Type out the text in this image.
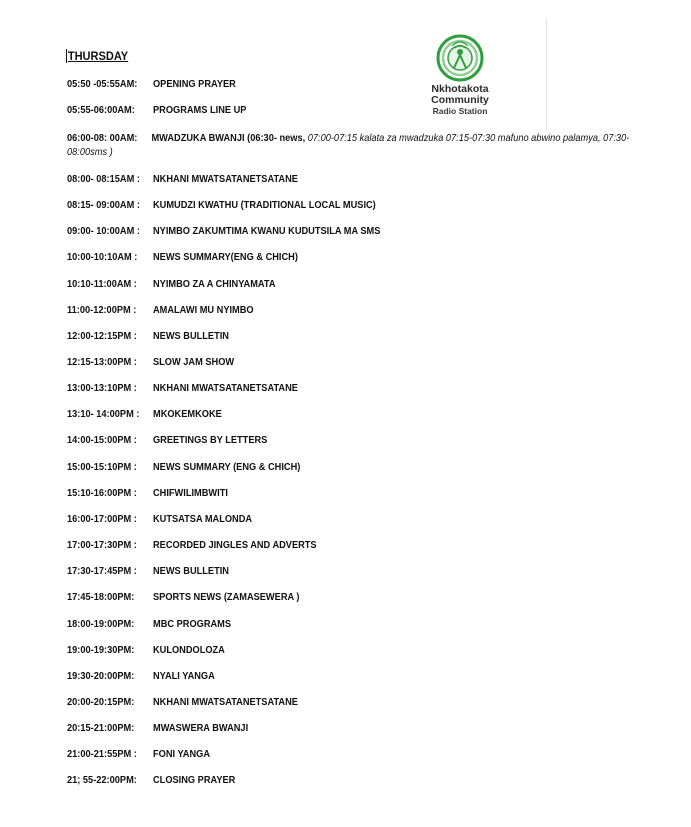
THURSDAY
Nkhotakota
Community
Radio Station
05:50 -05:55AM: OPENING PRAYER
05:55-06:00AM: PROGRAMS LINE UP
06:00-08: 00AM: MWADZUKA BWANJI (06:30- news, 07:00-07:15 kalata za mwadzuka 07:15-07:30 mafuno abwino palamya, 07:30-08:00sms )
08:00- 08:15AM : NKHANI MWATSATANETSATANE
08:15- 09:00AM : KUMUDZI KWATHU (TRADITIONAL LOCAL MUSIC)
09:00- 10:00AM : NYIMBO ZAKUMTIMA KWANU KUDUTSILA MA SMS
10:00-10:10AM : NEWS SUMMARY(ENG & CHICH)
10:10-11:00AM : NYIMBO ZA A CHINYAMATA
11:00-12:00PM : AMALAWI MU NYIMBO
12:00-12:15PM : NEWS BULLETIN
12:15-13:00PM : SLOW JAM SHOW
13:00-13:10PM : NKHANI MWATSATANETSATANE
13:10- 14:00PM : MKOKEMKOKE
14:00-15:00PM : GREETINGS BY LETTERS
15:00-15:10PM : NEWS SUMMARY (ENG & CHICH)
15:10-16:00PM : CHIFWILIMBWITI
16:00-17:00PM : KUTSATSA MALONDA
17:00-17:30PM : RECORDED JINGLES AND ADVERTS
17:30-17:45PM : NEWS BULLETIN
17:45-18:00PM: SPORTS NEWS (ZAMASEWERA )
18:00-19:00PM: MBC PROGRAMS
19:00-19:30PM: KULONDOLOZA
19:30-20:00PM: NYALI YANGA
20:00-20:15PM: NKHANI MWATSATANETSATANE
20:15-21:00PM: MWASWERA BWANJI
21:00-21:55PM : FONI YANGA
21; 55-22:00PM: CLOSING PRAYER
